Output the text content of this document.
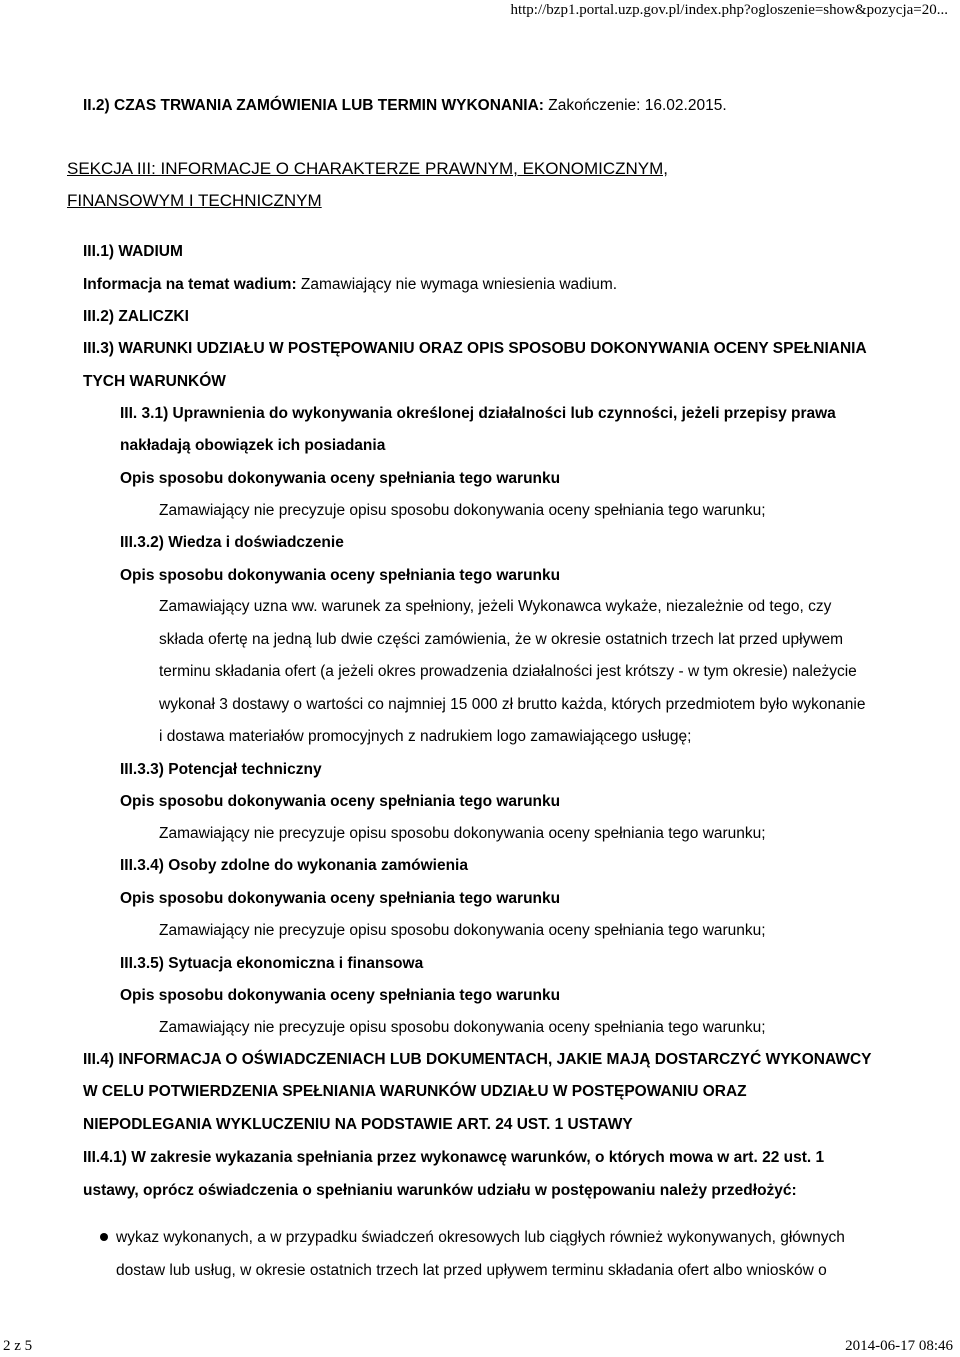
http://bzp1.portal.uzp.gov.pl/index.php?ogloszenie=show&pozycja=20...
II.2) CZAS TRWANIA ZAMÓWIENIA LUB TERMIN WYKONANIA: Zakończenie: 16.02.2015.
SEKCJA III: INFORMACJE O CHARAKTERZE PRAWNYM, EKONOMICZNYM,
FINANSOWYM I TECHNICZNYM
III.1) WADIUM
Informacja na temat wadium: Zamawiający nie wymaga wniesienia wadium.
III.2) ZALICZKI
III.3) WARUNKI UDZIAŁU W POSTĘPOWANIU ORAZ OPIS SPOSOBU DOKONYWANIA OCENY SPEŁNIANIA
TYCH WARUNKÓW
III. 3.1) Uprawnienia do wykonywania określonej działalności lub czynności, jeżeli przepisy prawa
nakładają obowiązek ich posiadania
Opis sposobu dokonywania oceny spełniania tego warunku
Zamawiający nie precyzuje opisu sposobu dokonywania oceny spełniania tego warunku;
III.3.2) Wiedza i doświadczenie
Opis sposobu dokonywania oceny spełniania tego warunku
Zamawiający uzna ww. warunek za spełniony, jeżeli Wykonawca wykaże, niezależnie od tego, czy
składa ofertę na jedną lub dwie części zamówienia, że w okresie ostatnich trzech lat przed upływem
terminu składania ofert (a jeżeli okres prowadzenia działalności jest krótszy - w tym okresie) należycie
wykonał 3 dostawy o wartości co najmniej 15 000 zł brutto każda, których przedmiotem było wykonanie
i dostawa materiałów promocyjnych z nadrukiem logo zamawiającego usługę;
III.3.3) Potencjał techniczny
Opis sposobu dokonywania oceny spełniania tego warunku
Zamawiający nie precyzuje opisu sposobu dokonywania oceny spełniania tego warunku;
III.3.4) Osoby zdolne do wykonania zamówienia
Opis sposobu dokonywania oceny spełniania tego warunku
Zamawiający nie precyzuje opisu sposobu dokonywania oceny spełniania tego warunku;
III.3.5) Sytuacja ekonomiczna i finansowa
Opis sposobu dokonywania oceny spełniania tego warunku
Zamawiający nie precyzuje opisu sposobu dokonywania oceny spełniania tego warunku;
III.4) INFORMACJA O OŚWIADCZENIACH LUB DOKUMENTACH, JAKIE MAJĄ DOSTARCZYĆ WYKONAWCY
W CELU POTWIERDZENIA SPEŁNIANIA WARUNKÓW UDZIAŁU W POSTĘPOWANIU ORAZ
NIEPODLEGANIA WYKLUCZENIU NA PODSTAWIE ART. 24 UST. 1 USTAWY
III.4.1) W zakresie wykazania spełniania przez wykonawcę warunków, o których mowa w art. 22 ust. 1
ustawy, oprócz oświadczenia o spełnianiu warunków udziału w postępowaniu należy przedłożyć:
wykaz wykonanych, a w przypadku świadczeń okresowych lub ciągłych również wykonywanych, głównych
dostaw lub usług, w okresie ostatnich trzech lat przed upływem terminu składania ofert albo wniosków o
2 z 5	2014-06-17 08:46
